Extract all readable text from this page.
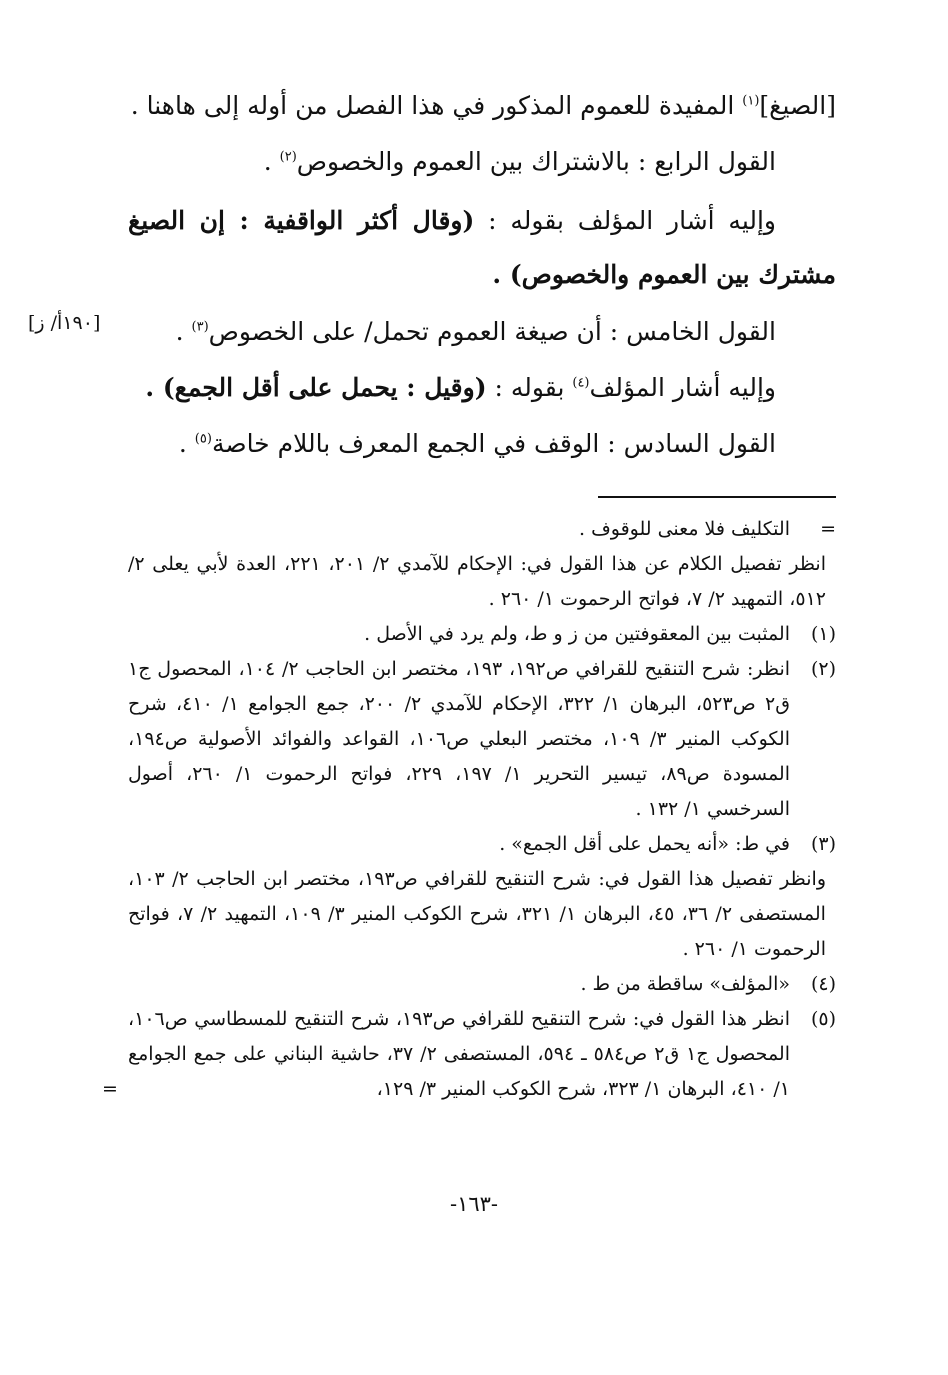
[الصيغ]$^{(١)}$ المفيدة للعموم المذكور في هذا الفصل من أوله إلى هاهنا .

القول الرابع : بالاشتراك بين العموم والخصوص$^{(٢)}$ .

وإليه أشار المؤلف بقوله : (وقال أكثر الواقفية : إن الصيغ مشترك بين العموم والخصوص) .

القول الخامس : أن صيغة العموم تحمل/ على الخصوص$^{(٣)}$ .

وإليه أشار المؤلف$^{(٤)}$ بقوله : (وقيل : يحمل على أقل الجمع) .

القول السادس : الوقف في الجمع المعرف باللام خاصة$^{(٥)}$ .

[١٩٠أ/ ز]
=
التكليف فلا معنى للوقوف .
انظر تفصيل الكلام عن هذا القول في: الإحكام للآمدي ٢/ ٢٠١، ٢٢١، العدة لأبي يعلى ٢/ ٥١٢، التمهيد ٢/ ٧، فواتح الرحموت ١/ ٢٦٠ .
(١)
المثبت بين المعقوفتين من ز و ط، ولم يرد في الأصل .
(٢)
انظر: شرح التنقيح للقرافي ص١٩٢، ١٩٣، مختصر ابن الحاجب ٢/ ١٠٤، المحصول ج١ ق٢ ص٥٢٣، البرهان ١/ ٣٢٢، الإحكام للآمدي ٢/ ٢٠٠، جمع الجوامع ١/ ٤١٠، شرح الكوكب المنير ٣/ ١٠٩، مختصر البعلي ص١٠٦، القواعد والفوائد الأصولية ص١٩٤، المسودة ص٨٩، تيسير التحرير ١/ ١٩٧، ٢٢٩، فواتح الرحموت ١/ ٢٦٠، أصول السرخسي ١/ ١٣٢ .
(٣)
في ط: «أنه يحمل على أقل الجمع» .
وانظر تفصيل هذا القول في: شرح التنقيح للقرافي ص١٩٣، مختصر ابن الحاجب ٢/ ١٠٣، المستصفى ٢/ ٣٦، ٤٥، البرهان ١/ ٣٢١، شرح الكوكب المنير ٣/ ١٠٩، التمهيد ٢/ ٧، فواتح الرحموت ١/ ٢٦٠ .
(٤)
«المؤلف» ساقطة من ط .
(٥)
انظر هذا القول في: شرح التنقيح للقرافي ص١٩٣، شرح التنقيح للمسطاسي ص١٠٦، المحصول ج١ ق٢ ص٥٨٤ ـ ٥٩٤، المستصفى ٢/ ٣٧، حاشية البناني على جمع الجوامع ١/ ٤١٠، البرهان ١/ ٣٢٣، شرح الكوكب المنير ٣/ ١٢٩،
=
-١٦٣-
